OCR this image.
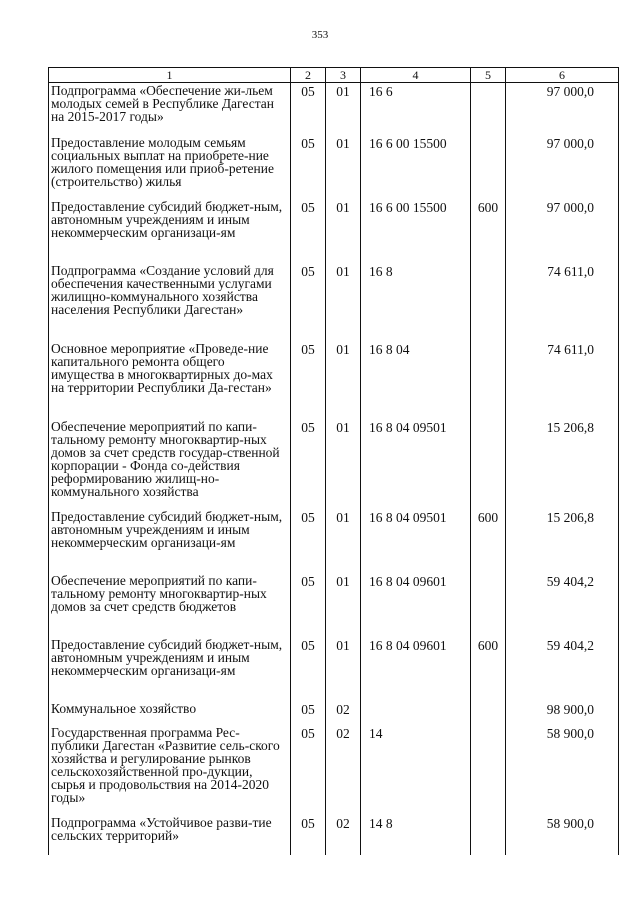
353
1	2	3	4	5	6

Подпрограмма «Обеспечение жи-льем молодых семей в Республике Дагестан на 2015-2017 годы»	05	01	16 6		97 000,0

Предоставление молодым семьям социальных выплат на приобрете-ние жилого помещения или приоб-ретение (строительство) жилья	05	01	16 6 00 15500		97 000,0

Предоставление субсидий бюджет-ным, автономным учреждениям и иным некоммерческим организаци-ям	05	01	16 6 00 15500	600	97 000,0

Подпрограмма «Создание условий для обеспечения качественными услугами жилищно-коммунального хозяйства населения Республики Дагестан»	05	01	16 8		74 611,0

Основное мероприятие «Проведе-ние капитального ремонта общего имущества в многоквартирных до-мах на территории Республики Да-гестан»	05	01	16 8 04		74 611,0

Обеспечение мероприятий по капи-тальному ремонту многоквартир-ных домов за счет средств государ-ственной корпорации - Фонда со-действия реформированию жилищ-но-коммунального хозяйства	05	01	16 8 04 09501		15 206,8

Предоставление субсидий бюджет-ным, автономным учреждениям и иным некоммерческим организаци-ям	05	01	16 8 04 09501	600	15 206,8

Обеспечение мероприятий по капи-тальному ремонту многоквартир-ных домов за счет средств бюджетов	05	01	16 8 04 09601		59 404,2

Предоставление субсидий бюджет-ным, автономным учреждениям и иным некоммерческим организаци-ям	05	01	16 8 04 09601	600	59 404,2

Коммунальное хозяйство	05	02			98 900,0

Государственная программа Рес-публики Дагестан «Развитие сель-ского хозяйства и регулирование рынков сельскохозяйственной про-дукции, сырья и продовольствия на 2014-2020 годы»	05	02	14		58 900,0

Подпрограмма «Устойчивое разви-тие сельских территорий»	05	02	14 8		58 900,0
